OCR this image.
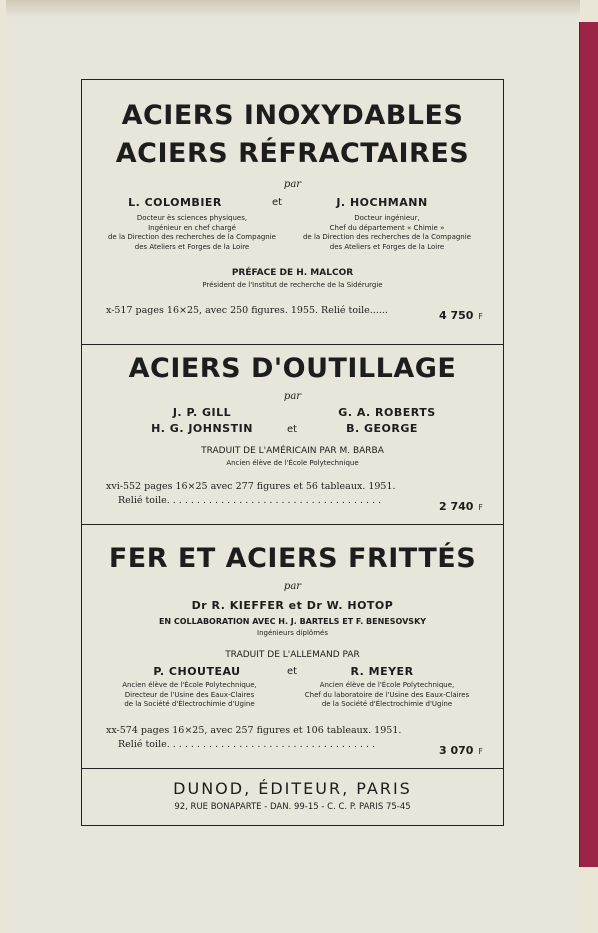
ACIERS INOXYDABLES
ACIERS RÉFRACTAIRES
par
L. COLOMBIER	et	J. HOCHMANN
Docteur ès sciences physiques,
Ingénieur en chef chargé
de la Direction des recherches de la Compagnie
des Ateliers et Forges de la Loire
Docteur ingénieur,
Chef du département « Chimie »
de la Direction des recherches de la Compagnie
des Ateliers et Forges de la Loire
PRÉFACE DE H. MALCOR
Président de l'Institut de recherche de la Sidérurgie
x-517 pages 16×25, avec 250 figures. 1955. Relié toile......	4 750 F
ACIERS D'OUTILLAGE
par
J. P. GILL	G. A. ROBERTS
H. G. JOHNSTIN	et	B. GEORGE
TRADUIT DE L'AMÉRICAIN PAR M. BARBA
Ancien élève de l'École Polytechnique
xvi-552 pages 16×25 avec 277 figures et 56 tableaux. 1951.
Relié toile. . . . . . . . . . . . . . . . . . . . . . . . . . . . . . . . . . . .	2 740 F
FER ET ACIERS FRITTÉS
par
Dr R. KIEFFER et Dr W. HOTOP
EN COLLABORATION AVEC H. J. BARTELS ET F. BENESOVSKY
Ingénieurs diplômés
TRADUIT DE L'ALLEMAND PAR
P. CHOUTEAU	et	R. MEYER
Ancien élève de l'École Polytechnique,
Directeur de l'Usine des Eaux-Claires
de la Société d'Électrochimie d'Ugine
Ancien élève de l'École Polytechnique,
Chef du laboratoire de l'Usine des Eaux-Claires
de la Société d'Électrochimie d'Ugine
xx-574 pages 16×25, avec 257 figures et 106 tableaux. 1951.
Relié toile. . . . . . . . . . . . . . . . . . . . . . . . . . . . . . . . . . .	3 070 F
DUNOD, ÉDITEUR, PARIS
92, RUE BONAPARTE - DAN. 99-15 - C. C. P. PARIS 75-45
